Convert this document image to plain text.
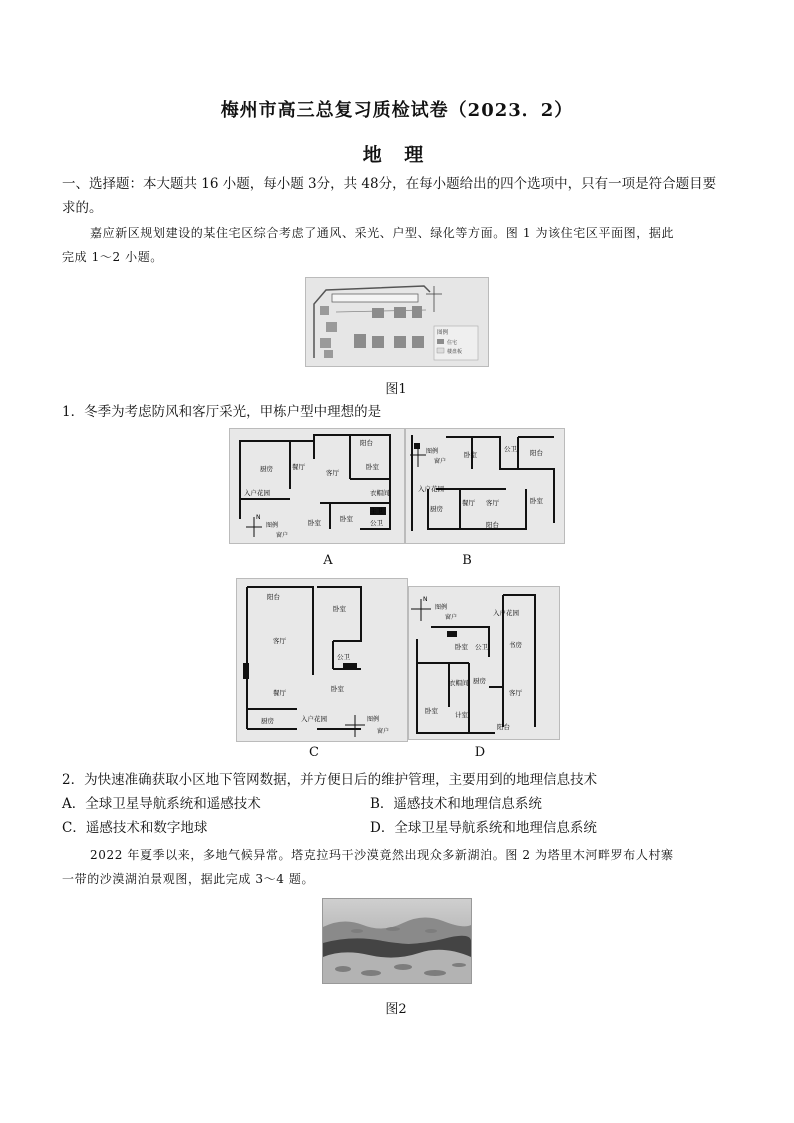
梅州市高三总复习质检试卷（2023．2）
地 理
一、选择题：本大题共 16 小题，每小题 3分，共 48分，在每小题给出的四个选项中，只有一项是符合题目要
求的。
嘉应新区规划建设的某住宅区综合考虑了通风、采光、户型、绿化等方面。图 1 为该住宅区平面图，据此
完成 1～2 小题。
图例
住宅
楼盘板
图1
1．冬季为考虑防风和客厅采光，甲栋户型中理想的是
阳台
卧室
厨房	餐厅
客厅
衣帽间
入户花园
主卫
卧室	卧室	公卫
N
图例
窗户
卧室
公卫 阳台
入户花园
卧室
厨房
餐厅 客厅
阳台
图例
窗户
A	B
阳台
卧室
客厅
公卫
卧室
餐厅
厨房	入户花园	图例
窗户
入户花园
卧室 公卫
衣帽间
卧室
书房
客厅
厨房
阳台
计室
N
图例
窗户
C	D
2．为快速准确获取小区地下管网数据，并方便日后的维护管理，主要用到的地理信息技术
A．全球卫星导航系统和遥感技术	B．遥感技术和地理信息系统
C．遥感技术和数字地球	D．全球卫星导航系统和地理信息系统
2022 年夏季以来，多地气候异常。塔克拉玛干沙漠竟然出现众多新湖泊。图 2 为塔里木河畔罗布人村寨
一带的沙漠湖泊景观图，据此完成 3～4 题。
图2
